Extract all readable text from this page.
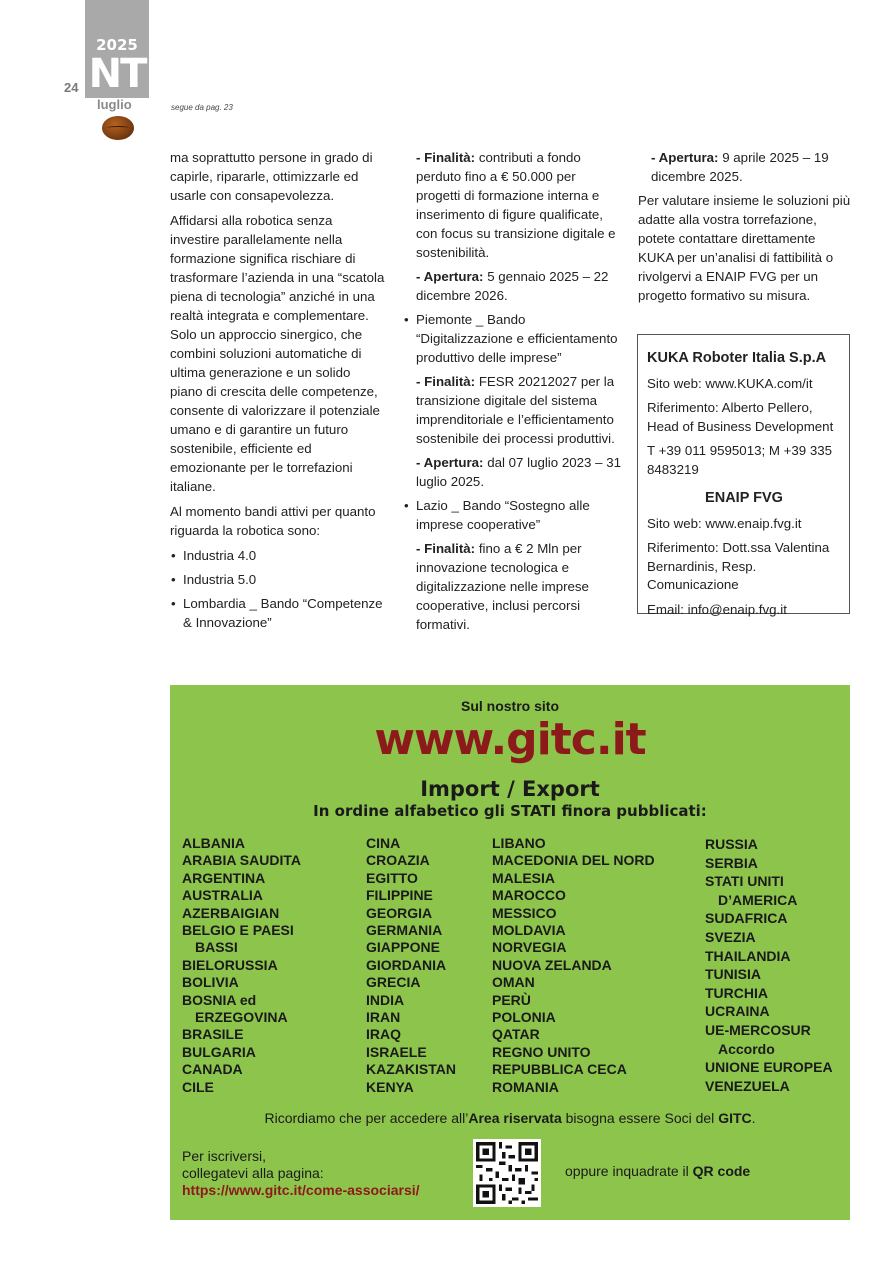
2025
NT
24
luglio	segue da pag. 23

ma soprattutto persone in grado di capirle, ripararle, ottimizzarle ed usarle con consapevolezza.

Affidarsi alla robotica senza investire parallelamente nella formazione significa rischiare di trasformare l’azienda in una “scatola piena di tecnologia” anziché in una realtà integrata e complementare. Solo un approccio sinergico, che combini soluzioni automatiche di ultima generazione e un solido piano di crescita delle competenze, consente di valorizzare il potenziale umano e di garantire un futuro sostenibile, efficiente ed emozionante per le torrefazioni italiane.

Al momento bandi attivi per quanto riguarda la robotica sono:

• Industria 4.0
• Industria 5.0
• Lombardia _ Bando “Competenze & Innovazione”
- Finalità: contributi a fondo perduto fino a € 50.000 per progetti di formazione interna e inserimento di figure qualificate, con focus su transizione digitale e sostenibilità.
- Apertura: 5 gennaio 2025 – 22 dicembre 2026.
• Piemonte _ Bando “Digitalizzazione e efficientamento produttivo delle imprese”
- Finalità: FESR 20212027 per la transizione digitale del sistema imprenditoriale e l’efficientamento sostenibile dei processi produttivi.
- Apertura: dal 07 luglio 2023 – 31 luglio 2025.
• Lazio _ Bando “Sostegno alle imprese cooperative”
- Finalità: fino a € 2 Mln per innovazione tecnologica e digitalizzazione nelle imprese cooperative, inclusi percorsi formativi.
- Apertura: 9 aprile 2025 – 19 dicembre 2025.

Per valutare insieme le soluzioni più adatte alla vostra torrefazione, potete contattare direttamente KUKA per un’analisi di fattibilità o rivolgervi a ENAIP FVG per un progetto formativo su misura.

KUKA Roboter Italia S.p.A

Sito web: www.KUKA.com/it

Riferimento: Alberto Pellero, Head of Business Development

T +39 011 9595013; M +39 335 8483219

ENAIP FVG

Sito web: www.enaip.fvg.it

Riferimento: Dott.ssa Valentina Bernardinis, Resp. Comunicazione

Email: info@enaip.fvg.it

Sul nostro sito
www.gitc.it
Import / Export
In ordine alfabetico gli STATI finora pubblicati:
ALBANIA
ARABIA SAUDITA
ARGENTINA
AUSTRALIA
AZERBAIGIAN
BELGIO E PAESI
BASSI
BIELORUSSIA
BOLIVIA
BOSNIA ed
ERZEGOVINA
BRASILE
BULGARIA
CANADA
CILE
CINA
CROAZIA
EGITTO
FILIPPINE
GEORGIA
GERMANIA
GIAPPONE
GIORDANIA
GRECIA
INDIA
IRAN
IRAQ
ISRAELE
KAZAKISTAN
KENYA
LIBANO
MACEDONIA DEL NORD
MALESIA
MAROCCO
MESSICO
MOLDAVIA
NORVEGIA
NUOVA ZELANDA
OMAN
PERÙ
POLONIA
QATAR
REGNO UNITO
REPUBBLICA CECA
ROMANIA
RUSSIA
SERBIA
STATI UNITI
D’AMERICA
SUDAFRICA
SVEZIA
THAILANDIA
TUNISIA
TURCHIA
UCRAINA
UE-MERCOSUR
Accordo
UNIONE EUROPEA
VENEZUELA
Ricordiamo che per accedere all’Area riservata bisogna essere Soci del GITC.
Per iscriversi,
collegatevi alla pagina:
https://www.gitc.it/come-associarsi/
oppure inquadrate il QR code
